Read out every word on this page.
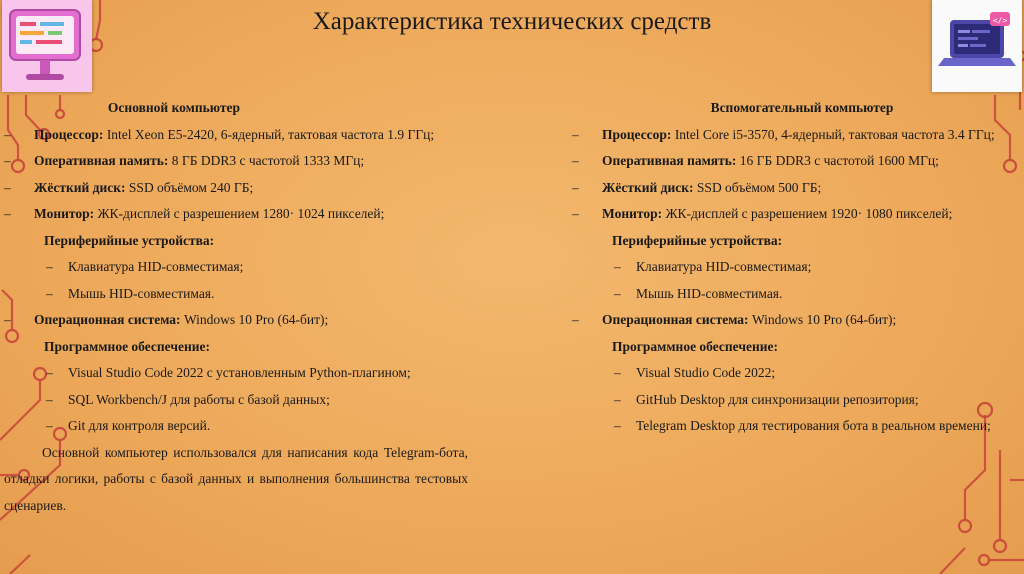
</>
Характеристика технических средств
Основной компьютер
– Процессор: Intel Xeon E5-2420, 6-ядерный, тактовая частота 1.9 ГГц;
– Оперативная память: 8 ГБ DDR3 с частотой 1333 МГц;
– Жёсткий диск: SSD объёмом 240 ГБ;
– Монитор: ЖК-дисплей с разрешением 1280· 1024 пикселей;
Периферийные устройства:
– Клавиатура HID-совместимая;
– Мышь HID-совместимая.
– Операционная система: Windows 10 Pro (64-бит);
Программное обеспечение:
– Visual Studio Code 2022 с установленным Python-плагином;
– SQL Workbench/J для работы с базой данных;
– Git для контроля версий.
Основной компьютер использовался для написания кода Telegram-бота, отладки логики, работы с базой данных и выполнения большинства тестовых сценариев.
Вспомогательный компьютер
– Процессор: Intel Core i5-3570, 4-ядерный, тактовая частота 3.4 ГГц;
– Оперативная память: 16 ГБ DDR3 с частотой 1600 МГц;
– Жёсткий диск: SSD объёмом 500 ГБ;
– Монитор: ЖК-дисплей с разрешением 1920· 1080 пикселей;
Периферийные устройства:
– Клавиатура HID-совместимая;
– Мышь HID-совместимая.
– Операционная система: Windows 10 Pro (64-бит);
Программное обеспечение:
– Visual Studio Code 2022;
– GitHub Desktop для синхронизации репозитория;
– Telegram Desktop для тестирования бота в реальном времени;
